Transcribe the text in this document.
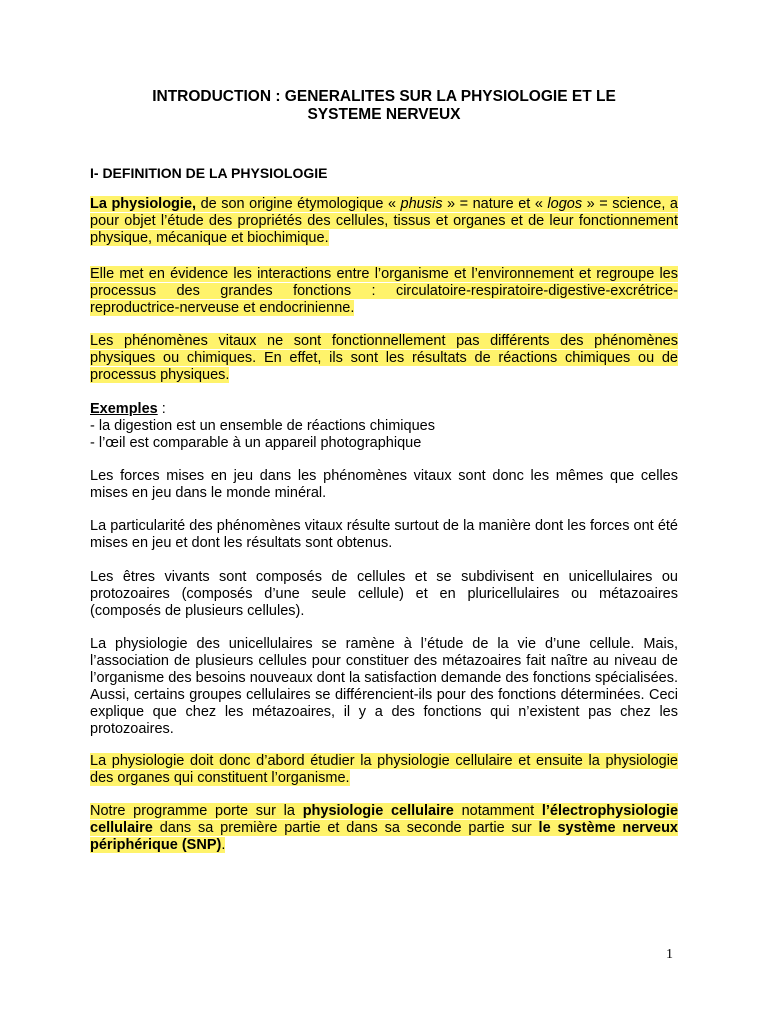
INTRODUCTION : GENERALITES SUR LA PHYSIOLOGIE ET LE
SYSTEME NERVEUX
I- DEFINITION DE LA PHYSIOLOGIE

La physiologie, de son origine étymologique « phusis » = nature et « logos » = science, a pour objet l’étude des propriétés des cellules, tissus et organes et de leur fonctionnement physique, mécanique et biochimique.

Elle met en évidence les interactions entre l’organisme et l’environnement et regroupe les processus des grandes fonctions : circulatoire-respiratoire-digestive-excrétrice-reproductrice-nerveuse et endocrinienne.

Les phénomènes vitaux ne sont fonctionnellement pas différents des phénomènes physiques ou chimiques. En effet, ils sont les résultats de réactions chimiques ou de processus physiques.

Exemples :
- la digestion est un ensemble de réactions chimiques
- l’œil est comparable à un appareil photographique

Les forces mises en jeu dans les phénomènes vitaux sont donc les mêmes que celles mises en jeu dans le monde minéral.

La particularité des phénomènes vitaux résulte surtout de la manière dont les forces ont été mises en jeu et dont les résultats sont obtenus.

Les êtres vivants sont composés de cellules et se subdivisent en unicellulaires ou protozoaires (composés d’une seule cellule) et en pluricellulaires ou métazoaires (composés de plusieurs cellules).

La physiologie des unicellulaires se ramène à l’étude de la vie d’une cellule. Mais, l’association de plusieurs cellules pour constituer des métazoaires fait naître au niveau de l’organisme des besoins nouveaux dont la satisfaction demande des fonctions spécialisées. Aussi, certains groupes cellulaires se différencient-ils pour des fonctions déterminées. Ceci explique que chez les métazoaires, il y a des fonctions qui n’existent pas chez les protozoaires.

La physiologie doit donc d’abord étudier la physiologie cellulaire et ensuite la physiologie des organes qui constituent l’organisme.

Notre programme porte sur la physiologie cellulaire notamment l’électrophysiologie cellulaire dans sa première partie et dans sa seconde partie sur le système nerveux périphérique (SNP).

1
